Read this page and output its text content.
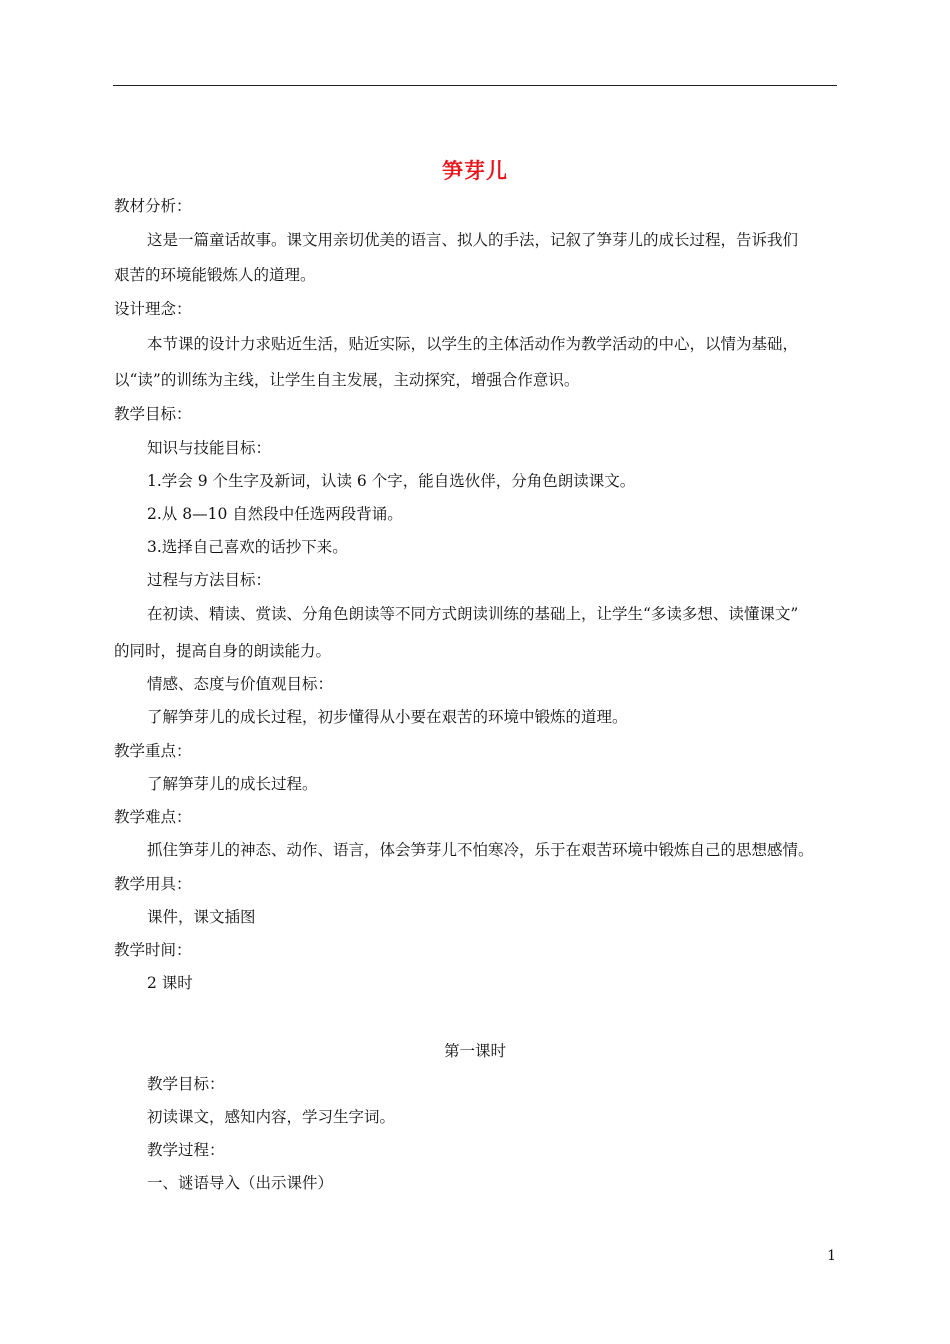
笋芽儿
教材分析：
这是一篇童话故事。课文用亲切优美的语言、拟人的手法，记叙了笋芽儿的成长过程，告诉我们
艰苦的环境能锻炼人的道理。
设计理念：
本节课的设计力求贴近生活，贴近实际，以学生的主体活动作为教学活动的中心，以情为基础，
以“读”的训练为主线，让学生自主发展，主动探究，增强合作意识。
教学目标：
知识与技能目标：
1.学会 9 个生字及新词，认读 6 个字，能自选伙伴，分角色朗读课文。
2.从 8—10 自然段中任选两段背诵。
3.选择自己喜欢的话抄下来。
过程与方法目标：
在初读、精读、赏读、分角色朗读等不同方式朗读训练的基础上，让学生“多读多想、读懂课文”
的同时，提高自身的朗读能力。
情感、态度与价值观目标：
了解笋芽儿的成长过程，初步懂得从小要在艰苦的环境中锻炼的道理。
教学重点：
了解笋芽儿的成长过程。
教学难点：
抓住笋芽儿的神态、动作、语言，体会笋芽儿不怕寒冷，乐于在艰苦环境中锻炼自己的思想感情。
教学用具：
课件，课文插图
教学时间：
2 课时
第一课时
教学目标：
初读课文，感知内容，学习生字词。
教学过程：
一、谜语导入（出示课件）
1
